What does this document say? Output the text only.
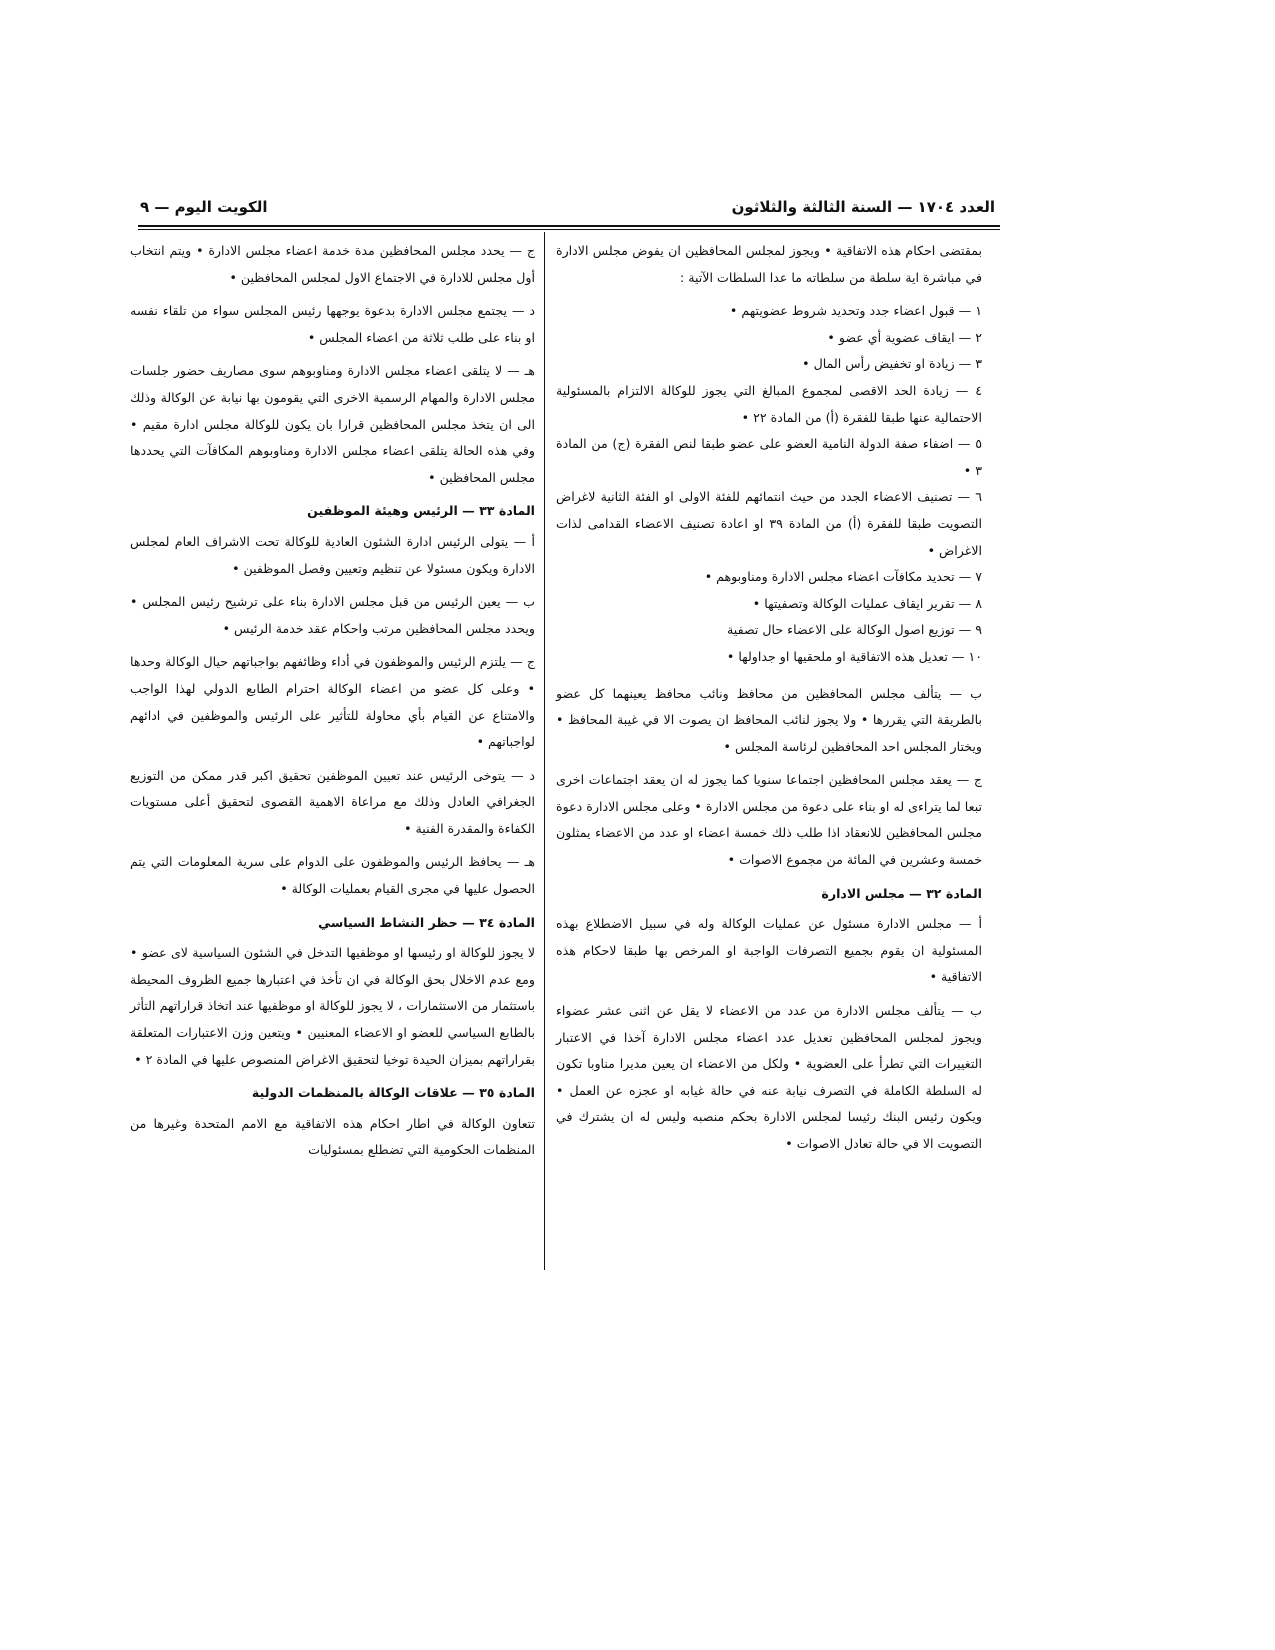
العدد ١٧٠٤ — السنة الثالثة والثلاثون
الكويت اليوم — ٩

بمقتضى احكام هذه الاتفاقية • ويجوز لمجلس المحافظين ان يفوض مجلس الادارة في مباشرة اية سلطة من سلطاته ما عدا السلطات الآتية :

١ — قبول اعضاء جدد وتحديد شروط عضويتهم •

٢ — ايقاف عضوية أي عضو •

٣ — زيادة او تخفيض رأس المال •

٤ — زيادة الحد الاقصى لمجموع المبالغ التي يجوز للوكالة الالتزام بالمسئولية الاحتمالية عنها طبقا للفقرة (أ) من المادة ٢٢ •

٥ — اضفاء صفة الدولة النامية العضو على عضو طبقا لنص الفقرة (ج) من المادة ٣ •

٦ — تصنيف الاعضاء الجدد من حيث انتمائهم للفئة الاولى او الفئة الثانية لاغراض التصويت طبقا للفقرة (أ) من المادة ٣٩ او اعادة تصنيف الاعضاء القدامى لذات الاغراض •

٧ — تحديد مكافآت اعضاء مجلس الادارة ومناوبوهم •

٨ — تقرير ايقاف عمليات الوكالة وتصفيتها •

٩ — توزيع اصول الوكالة على الاعضاء حال تصفية

١٠ — تعديل هذه الاتفاقية او ملحقيها او جداولها •

ب — يتألف مجلس المحافظين من محافظ ونائب محافظ يعينهما كل عضو بالطريقة التي يقررها • ولا يجوز لنائب المحافظ ان يصوت الا في غيبة المحافظ • ويختار المجلس احد المحافظين لرئاسة المجلس •

ج — يعقد مجلس المحافظين اجتماعا سنويا كما يجوز له ان يعقد اجتماعات اخرى تبعا لما يتراءى له او بناء على دعوة من مجلس الادارة • وعلى مجلس الادارة دعوة مجلس المحافظين للانعقاد اذا طلب ذلك خمسة اعضاء او عدد من الاعضاء يمثلون خمسة وعشرين في المائة من مجموع الاصوات •

المادة ٣٢ — مجلس الادارة

أ — مجلس الادارة مسئول عن عمليات الوكالة وله في سبيل الاضطلاع بهذه المسئولية ان يقوم بجميع التصرفات الواجبة او المرخص بها طبقا لاحكام هذه الاتفاقية •

ب — يتألف مجلس الادارة من عدد من الاعضاء لا يقل عن اثنى عشر عضواء ويجوز لمجلس المحافظين تعديل عدد اعضاء مجلس الادارة آخذا في الاعتبار التغييرات التي تطرأ على العضوية • ولكل من الاعضاء ان يعين مديرا مناوبا تكون له السلطة الكاملة في التصرف نيابة عنه في حالة غيابه او عجزه عن العمل • ويكون رئيس البنك رئيسا لمجلس الادارة بحكم منصبه وليس له ان يشترك في التصويت الا في حالة تعادل الاصوات •

ج — يحدد مجلس المحافظين مدة خدمة اعضاء مجلس الادارة • ويتم انتخاب أول مجلس للادارة في الاجتماع الاول لمجلس المحافظين •

د — يجتمع مجلس الادارة بدعوة يوجهها رئيس المجلس سواء من تلقاء نفسه او بناء على طلب ثلاثة من اعضاء المجلس •

هـ — لا يتلقى اعضاء مجلس الادارة ومناوبوهم سوى مصاريف حضور جلسات مجلس الادارة والمهام الرسمية الاخرى التي يقومون بها نيابة عن الوكالة وذلك الى ان يتخذ مجلس المحافظين قرارا بان يكون للوكالة مجلس ادارة مقيم • وفي هذه الحالة يتلقى اعضاء مجلس الادارة ومناوبوهم المكافآت التي يحددها مجلس المحافظين •

المادة ٣٣ — الرئيس وهيئة الموظفين

أ — يتولى الرئيس ادارة الشئون العادية للوكالة تحت الاشراف العام لمجلس الادارة ويكون مسئولا عن تنظيم وتعيين وفصل الموظفين •

ب — يعين الرئيس من قبل مجلس الادارة بناء على ترشيح رئيس المجلس • ويحدد مجلس المحافظين مرتب واحكام عقد خدمة الرئيس •

ج — يلتزم الرئيس والموظفون في أداء وظائفهم بواجباتهم حيال الوكالة وحدها • وعلى كل عضو من اعضاء الوكالة احترام الطابع الدولي لهذا الواجب والامتناع عن القيام بأي محاولة للتأثير على الرئيس والموظفين في ادائهم لواجباتهم •

د — يتوخى الرئيس عند تعيين الموظفين تحقيق اكبر قدر ممكن من التوزيع الجغرافي العادل وذلك مع مراعاة الاهمية القصوى لتحقيق أعلى مستويات الكفاءة والمقدرة الفنية •

هـ — يحافظ الرئيس والموظفون على الدوام على سرية المعلومات التي يتم الحصول عليها في مجرى القيام بعمليات الوكالة •

المادة ٣٤ — حظر النشاط السياسي

لا يجوز للوكالة او رئيسها او موظفيها التدخل في الشئون السياسية لاى عضو • ومع عدم الاخلال بحق الوكالة في ان تأخذ في اعتبارها جميع الظروف المحيطة باستثمار من الاستثمارات ، لا يجوز للوكالة او موظفيها عند اتخاذ قراراتهم التأثر بالطابع السياسي للعضو او الاعضاء المعنيين • ويتعين وزن الاعتبارات المتعلقة بقراراتهم بميزان الحيدة توخيا لتحقيق الاغراض المنصوص عليها في المادة ٢ •

المادة ٣٥ — علاقات الوكالة بالمنظمات الدولية

تتعاون الوكالة في اطار احكام هذه الاتفاقية مع الامم المتحدة وغيرها من المنظمات الحكومية التي تضطلع بمسئوليات
